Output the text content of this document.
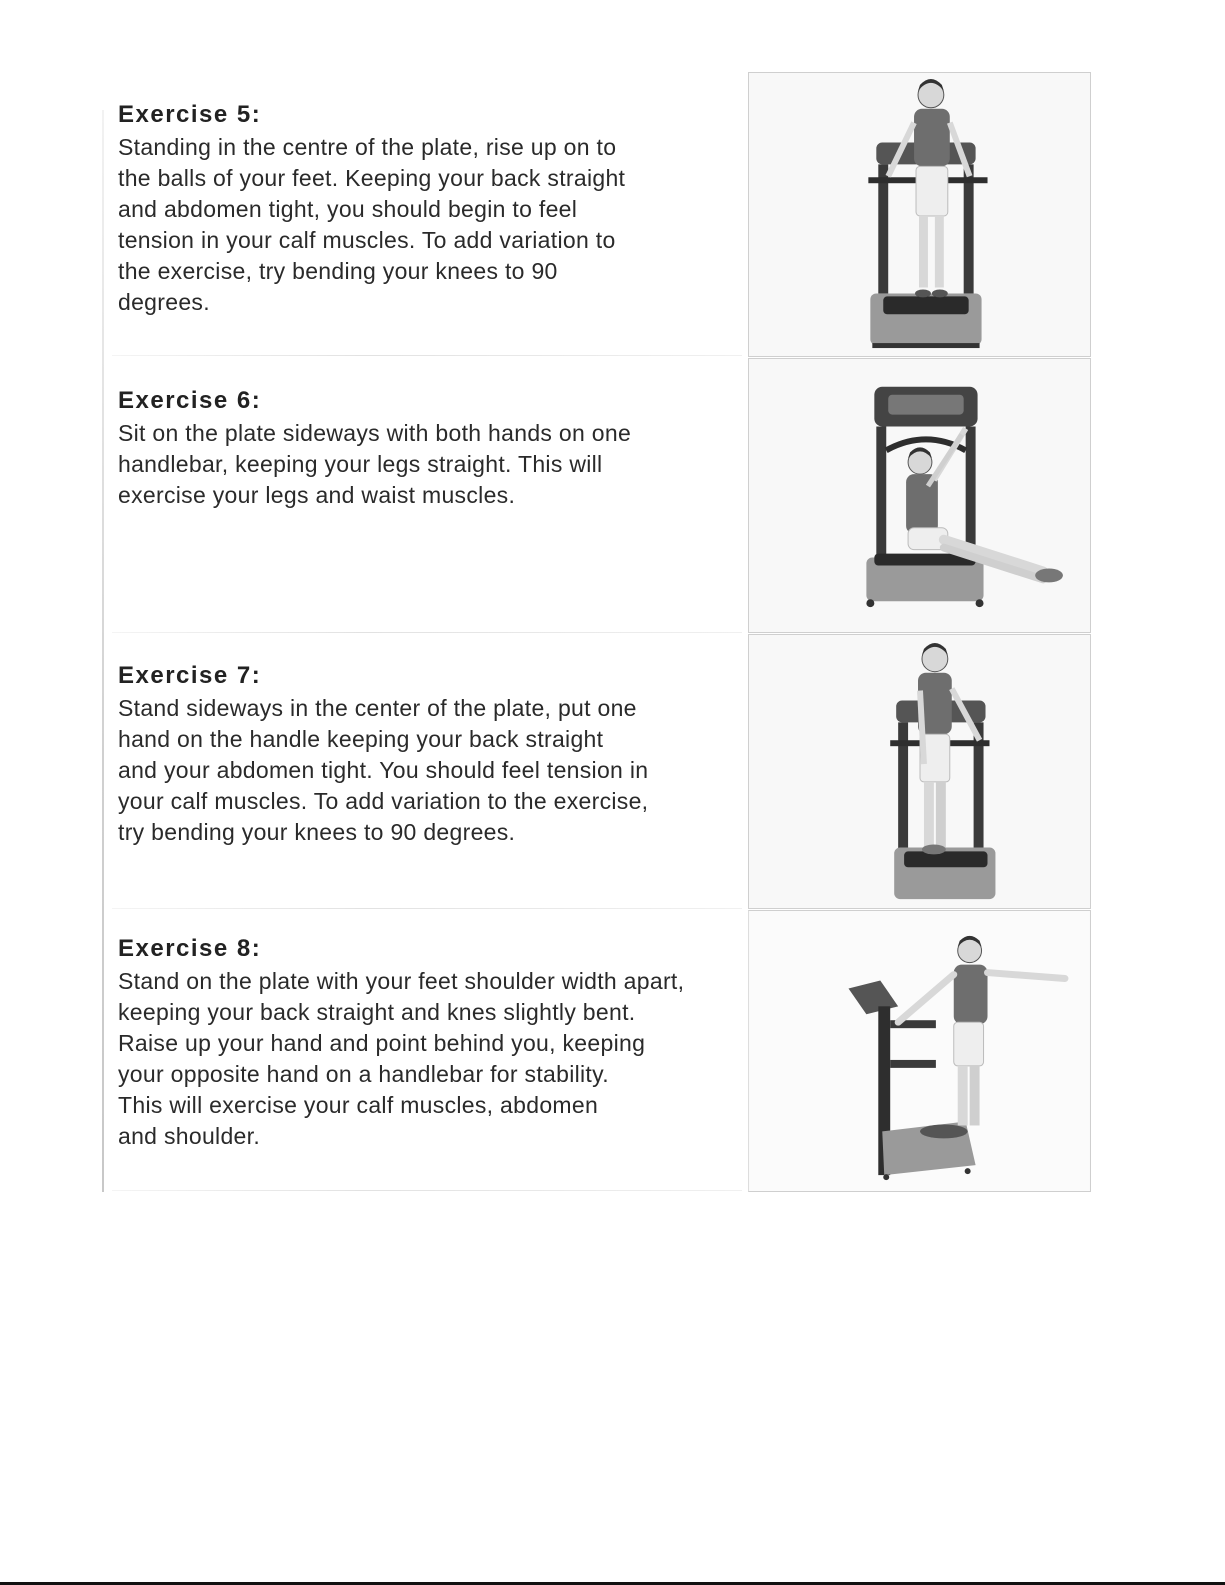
Exercise 5:

Standing in the centre of the plate, rise up on to
the balls of your feet. Keeping your back straight
and abdomen tight, you should begin to feel
tension in your calf muscles. To add variation to
the exercise, try bending your knees to 90
degrees.

Exercise 6:

Sit on the plate sideways with both hands on one
handlebar, keeping your legs straight. This will
exercise your legs and waist muscles.

Exercise 7:

Stand sideways in the center of the plate, put one
hand on the handle keeping your back straight
and your abdomen tight. You should feel tension in
your calf muscles. To add variation to the exercise,
try bending your knees to 90 degrees.

Exercise 8:

Stand on the plate with your feet shoulder width apart,
keeping your back straight and knes slightly bent.
Raise up your hand and point behind you, keeping
your opposite hand on a handlebar for stability.
This will exercise your calf muscles, abdomen
and shoulder.
